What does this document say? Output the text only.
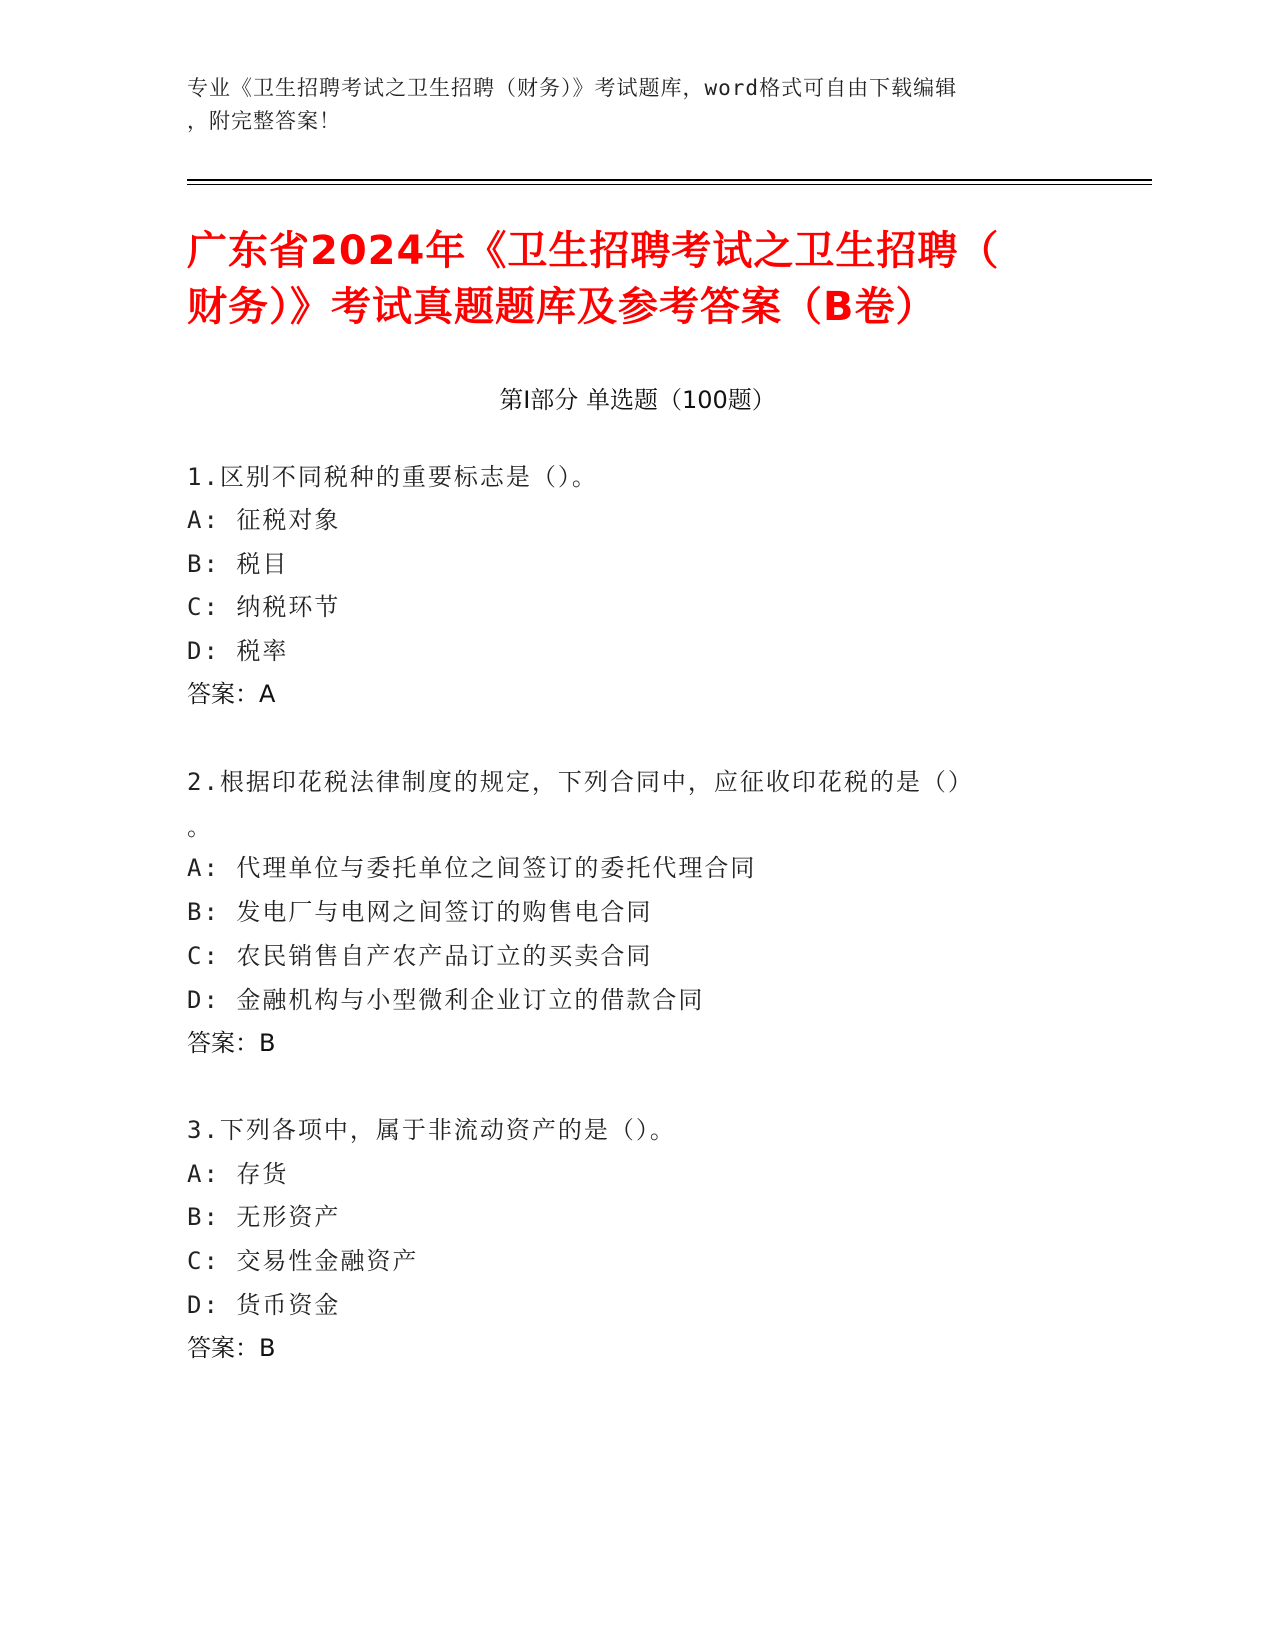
专业《卫生招聘考试之卫生招聘（财务）》考试题库，word格式可自由下载编辑
，附完整答案！
广东省2024年《卫生招聘考试之卫生招聘（
财务）》考试真题题库及参考答案（B卷）
第I部分 单选题（100题）
1.区别不同税种的重要标志是（）。
A: 征税对象
B: 税目
C: 纳税环节
D: 税率
答案：A
2.根据印花税法律制度的规定，下列合同中，应征收印花税的是（）
。
A: 代理单位与委托单位之间签订的委托代理合同
B: 发电厂与电网之间签订的购售电合同
C: 农民销售自产农产品订立的买卖合同
D: 金融机构与小型微利企业订立的借款合同
答案：B
3.下列各项中，属于非流动资产的是（）。
A: 存货
B: 无形资产
C: 交易性金融资产
D: 货币资金
答案：B
